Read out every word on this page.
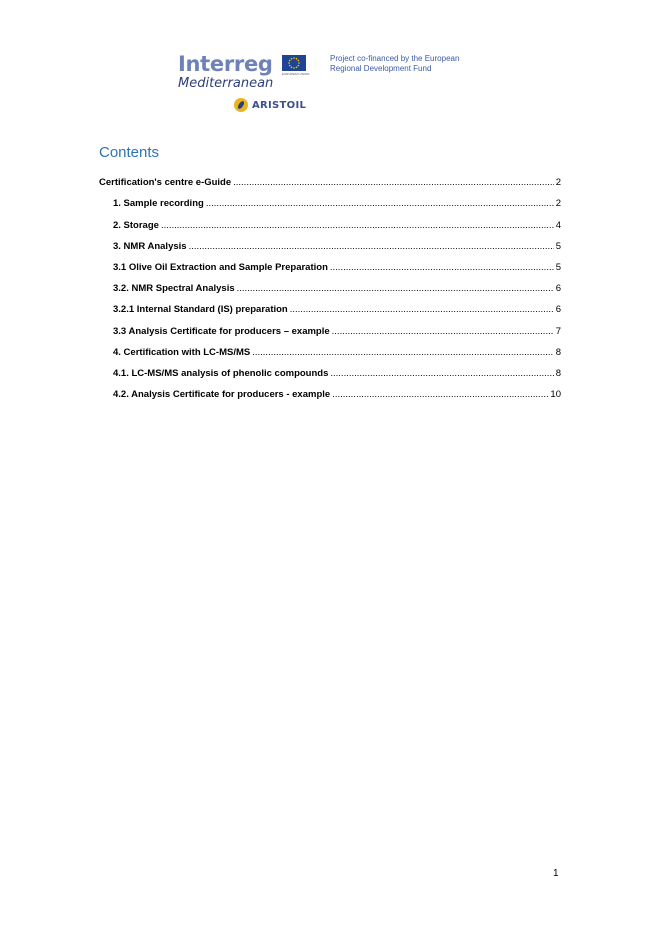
Interreg
Mediterranean
EUROPEAN UNION
Project co-financed by the European
Regional Development Fund
ARISTOIL
Contents
Certification's centre e-Guide .....	2
1. Sample recording .....	2
2. Storage .....	4
3. NMR Analysis .....	5
3.1 Olive Oil Extraction and Sample Preparation .....	5
3.2. NMR Spectral Analysis .....	6
3.2.1 Internal Standard (IS) preparation .....	6
3.3 Analysis Certificate for producers – example .....	7
4. Certification with LC-MS/MS .....	8
4.1. LC-MS/MS analysis of phenolic compounds .....	8
4.2. Analysis Certificate for producers - example .....	10
1
